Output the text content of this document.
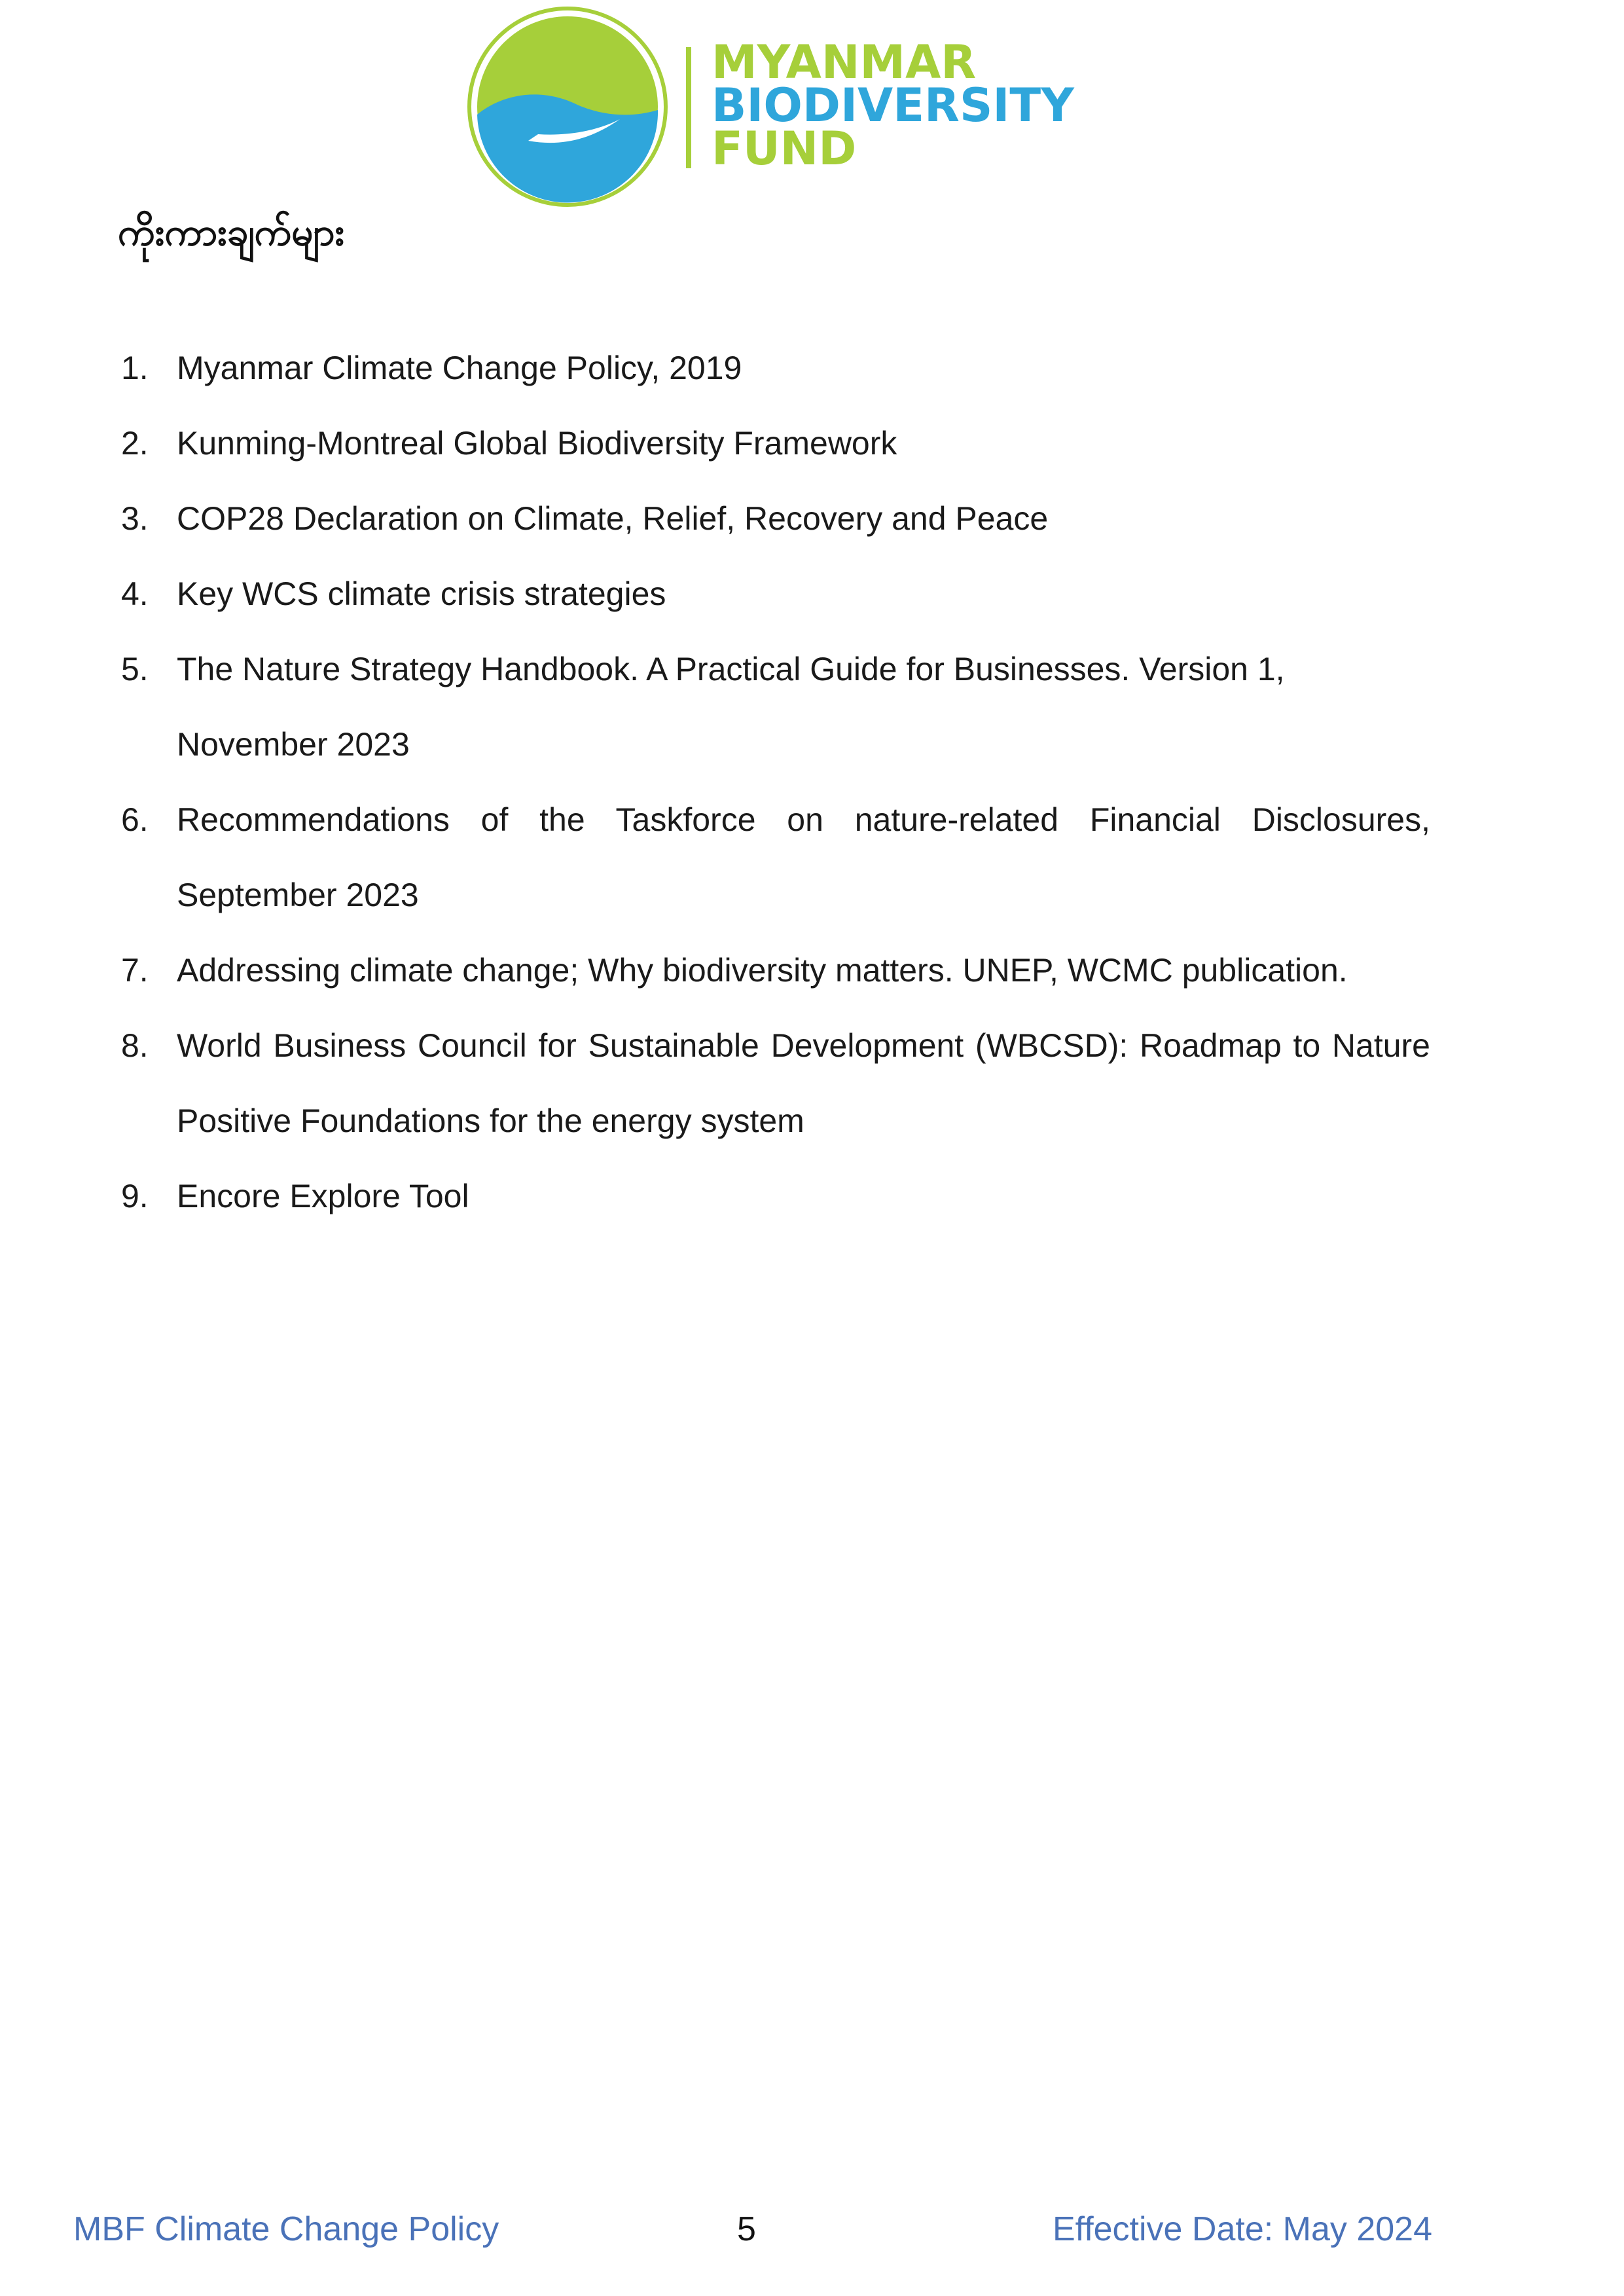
MYANMAR
BIODIVERSITY
FUND
ကိုးကားချက်များ
1. Myanmar Climate Change Policy, 2019
2. Kunming-Montreal Global Biodiversity Framework
3. COP28 Declaration on Climate, Relief, Recovery and Peace
4. Key WCS climate crisis strategies
5. The Nature Strategy Handbook. A Practical Guide for Businesses. Version 1, November 2023
6. Recommendations of the Taskforce on nature-related Financial Disclosures, September 2023
7. Addressing climate change; Why biodiversity matters. UNEP, WCMC publication.
8. World Business Council for Sustainable Development (WBCSD): Roadmap to Nature Positive Foundations for the energy system
9. Encore Explore Tool
MBF Climate Change Policy	5	Effective Date: May 2024
